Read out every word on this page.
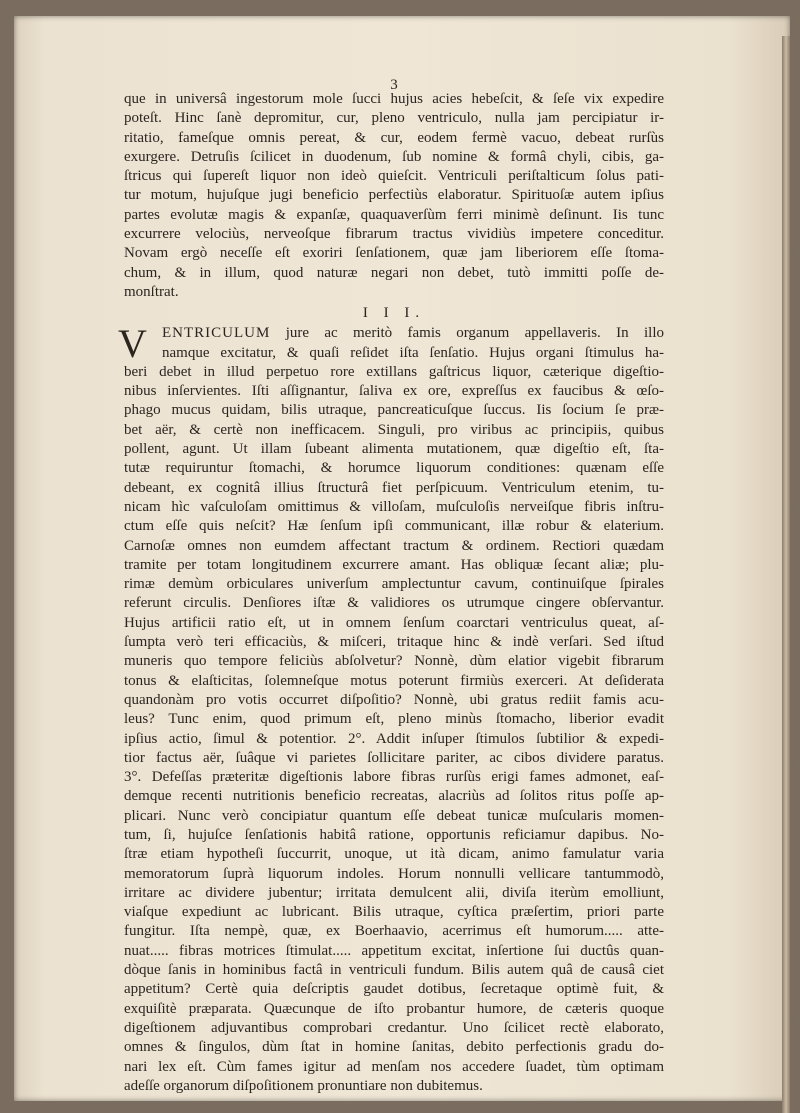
3
que in universâ ingestorum mole ſucci hujus acies hebeſcit, & ſeſe vix expedire
poteſt. Hinc ſanè depromitur, cur, pleno ventriculo, nulla jam percipiatur ir-
ritatio, fameſque omnis pereat, & cur, eodem fermè vacuo, debeat rurſùs
exurgere. Detruſis ſcilicet in duodenum, ſub nomine & formâ chyli, cibis, ga-
ſtricus qui ſupereſt liquor non ideò quieſcit. Ventriculi periſtalticum ſolus pati-
tur motum, hujuſque jugi beneficio perfectiùs elaboratur. Spirituoſæ autem ipſius
partes evolutæ magis & expanſæ, quaquaverſùm ferri minimè deſinunt. Iis tunc
excurrere velociùs, nerveoſque fibrarum tractus vividiùs impetere conceditur.
Novam ergò neceſſe eſt exoriri ſenſationem, quæ jam liberiorem eſſe ſtoma-
chum, & in illum, quod naturæ negari non debet, tutò immitti poſſe de-
monſtrat.
I I I.
V	ENTRICULUM jure ac meritò famis organum appellaveris. In illo
namque excitatur, & quaſi reſidet iſta ſenſatio. Hujus organi ſtimulus ha-
beri debet in illud perpetuo rore extillans gaſtricus liquor, cæterique digeſtio-
nibus inſervientes. Iſti aſſignantur, ſaliva ex ore, expreſſus ex faucibus & œſo-
phago mucus quidam, bilis utraque, pancreaticuſque ſuccus. Iis ſocium ſe præ-
bet aër, & certè non inefficacem. Singuli, pro viribus ac principiis, quibus
pollent, agunt. Ut illam ſubeant alimenta mutationem, quæ digeſtio eſt, ſta-
tutæ requiruntur ſtomachi, & horumce liquorum conditiones: quænam eſſe
debeant, ex cognitâ illius ſtructurâ fiet perſpicuum. Ventriculum etenim, tu-
nicam hìc vaſculoſam omittimus & villoſam, muſculoſis nerveiſque fibris inſtru-
ctum eſſe quis neſcit? Hæ ſenſum ipſi communicant, illæ robur & elaterium.
Carnoſæ omnes non eumdem affectant tractum & ordinem. Rectiori quædam
tramite per totam longitudinem excurrere amant. Has obliquæ ſecant aliæ; plu-
rimæ demùm orbiculares univerſum amplectuntur cavum, continuiſque ſpirales
referunt circulis. Denſiores iſtæ & validiores os utrumque cingere obſervantur.
Hujus artificii ratio eſt, ut in omnem ſenſum coarctari ventriculus queat, aſ-
ſumpta verò teri efficaciùs, & miſceri, tritaque hinc & indè verſari. Sed iſtud
muneris quo tempore feliciùs abſolvetur? Nonnè, dùm elatior vigebit fibrarum
tonus & elaſticitas, ſolemneſque motus poterunt firmiùs exerceri. At deſiderata
quandonàm pro votis occurret diſpoſitio? Nonnè, ubi gratus rediit famis acu-
leus? Tunc enim, quod primum eſt, pleno minùs ſtomacho, liberior evadit
ipſius actio, ſimul & potentior. 2°. Addit inſuper ſtimulos ſubtilior & expedi-
tior factus aër, ſuâque vi parietes ſollicitare pariter, ac cibos dividere paratus.
3°. Defeſſas præteritæ digeſtionis labore fibras rurſùs erigi fames admonet, eaſ-
demque recenti nutritionis beneficio recreatas, alacriùs ad ſolitos ritus poſſe ap-
plicari. Nunc verò concipiatur quantum eſſe debeat tunicæ muſcularis momen-
tum, ſi, hujuſce ſenſationis habitâ ratione, opportunis reficiamur dapibus. No-
ſtræ etiam hypotheſi ſuccurrit, unoque, ut ità dicam, animo famulatur varia
memoratorum ſuprà liquorum indoles. Horum nonnulli vellicare tantummodò,
irritare ac dividere jubentur; irritata demulcent alii, diviſa iterùm emolliunt,
viaſque expediunt ac lubricant. Bilis utraque, cyſtica præſertim, priori parte
fungitur. Iſta nempè, quæ, ex Boerhaavio, acerrimus eſt humorum..... atte-
nuat..... fibras motrices ſtimulat..... appetitum excitat, inſertione ſui ductûs quan-
dòque ſanis in hominibus factâ in ventriculi fundum. Bilis autem quâ de causâ ciet
appetitum? Certè quia deſcriptis gaudet dotibus, ſecretaque optimè fuit, &
exquiſitè præparata. Quæcunque de iſto probantur humore, de cæteris quoque
digeſtionem adjuvantibus comprobari credantur. Uno ſcilicet rectè elaborato,
omnes & ſingulos, dùm ſtat in homine ſanitas, debito perfectionis gradu do-
nari lex eſt. Cùm fames igitur ad menſam nos accedere ſuadet, tùm optimam
adeſſe organorum diſpoſitionem pronuntiare non dubitemus.
